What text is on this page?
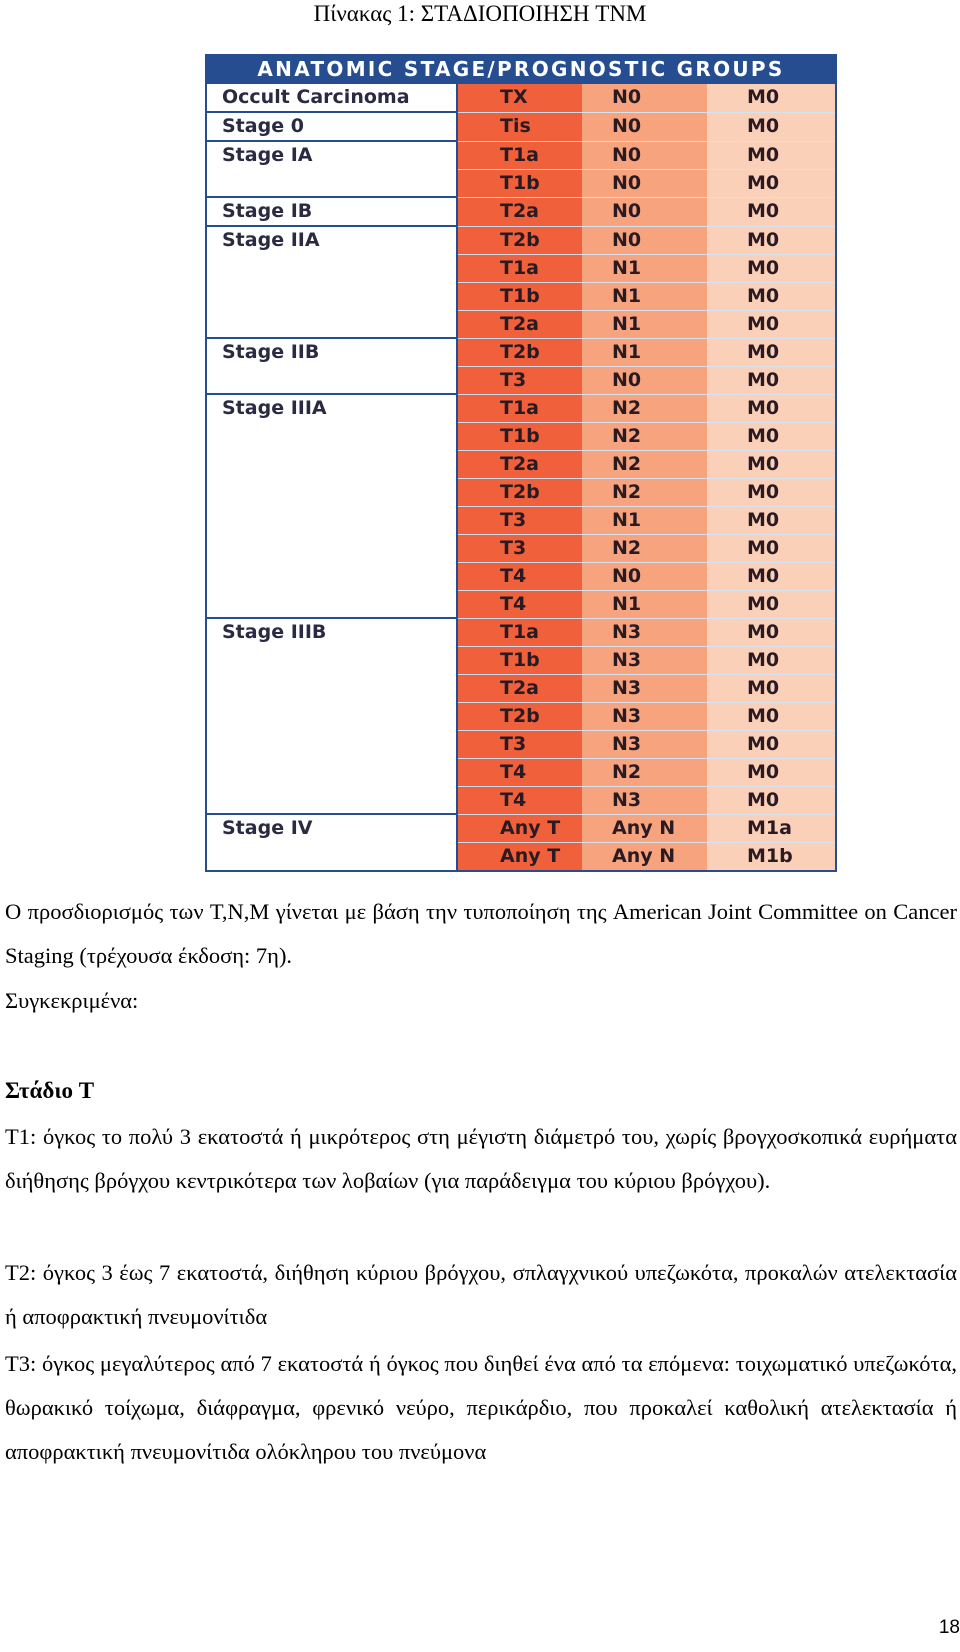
Πίνακας 1: ΣΤΑΔΙΟΠΟΙΗΣΗ TNM
ANATOMIC STAGE/PROGNOSTIC GROUPS			
Occult Carcinoma	TX	N0	M0
Stage 0	Tis	N0	M0
Stage IA	T1a	N0	M0
	T1b	N0	M0
Stage IB	T2a	N0	M0
Stage IIA	T2b	N0	M0
	T1a	N1	M0
	T1b	N1	M0
	T2a	N1	M0
Stage IIB	T2b	N1	M0
	T3	N0	M0
Stage IIIA	T1a	N2	M0
	T1b	N2	M0
	T2a	N2	M0
	T2b	N2	M0
	T3	N1	M0
	T3	N2	M0
	T4	N0	M0
	T4	N1	M0
Stage IIIB	T1a	N3	M0
	T1b	N3	M0
	T2a	N3	M0
	T2b	N3	M0
	T3	N3	M0
	T4	N2	M0
	T4	N3	M0
Stage IV	Any T	Any N	M1a
	Any T	Any N	M1b

Ο προσδιορισμός των T,N,M γίνεται με βάση την τυποποίηση της American Joint Committee on Cancer Staging (τρέχουσα έκδοση: 7η).

Συγκεκριμένα:

Στάδιο T

T1: όγκος το πολύ 3 εκατοστά ή μικρότερος στη μέγιστη διάμετρό του, χωρίς βρογχοσκοπικά ευρήματα διήθησης βρόγχου κεντρικότερα των λοβαίων (για παράδειγμα του κύριου βρόγχου).

T2: όγκος 3 έως 7 εκατοστά, διήθηση κύριου βρόγχου, σπλαγχνικού υπεζωκότα, προκαλών ατελεκτασία ή αποφρακτική πνευμονίτιδα

T3: όγκος μεγαλύτερος από 7 εκατοστά ή όγκος που διηθεί ένα από τα επόμενα: τοιχωματικό υπεζωκότα, θωρακικό τοίχωμα, διάφραγμα, φρενικό νεύρο, περικάρδιο, που προκαλεί καθολική ατελεκτασία ή αποφρακτική πνευμονίτιδα ολόκληρου του πνεύμονα

18
